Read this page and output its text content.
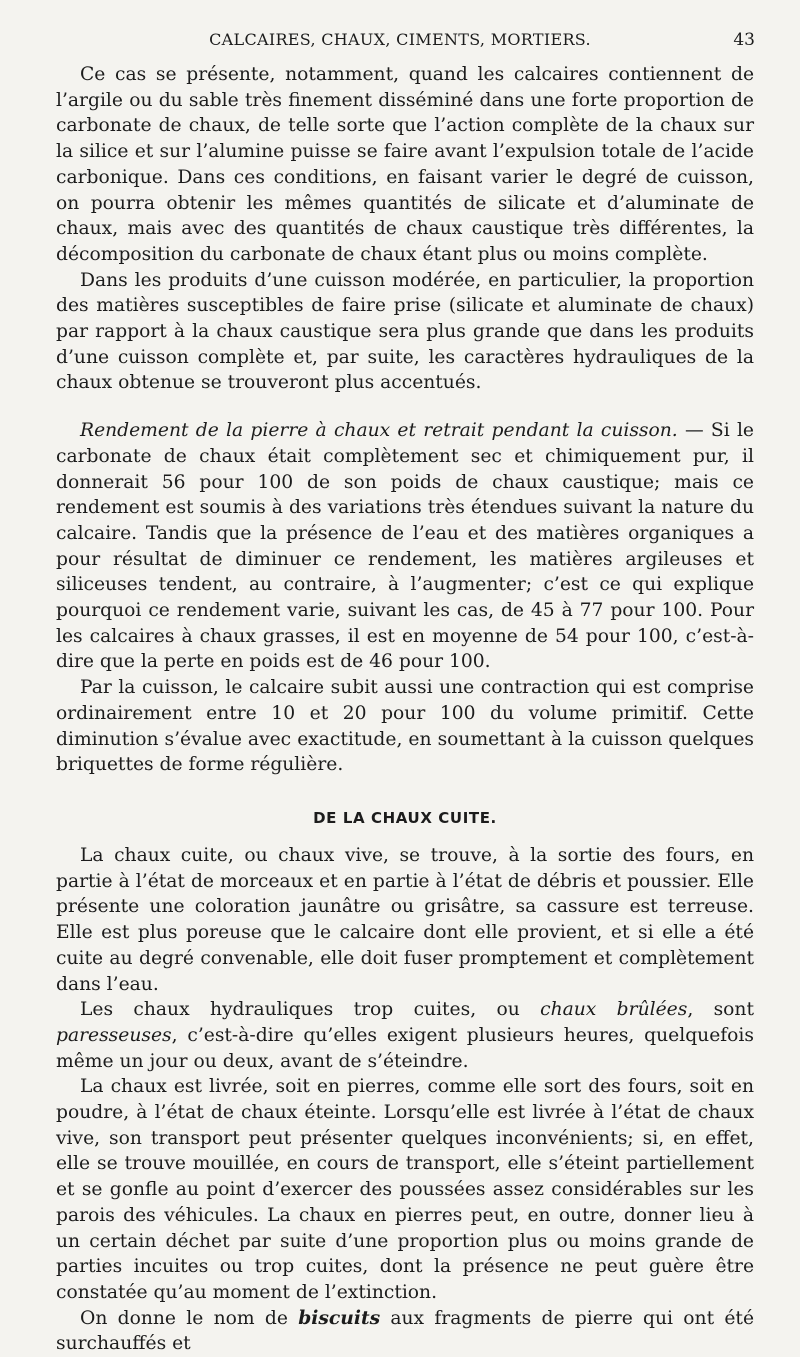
CALCAIRES, CHAUX, CIMENTS, MORTIERS.	43

Ce cas se présente, notamment, quand les calcaires contiennent de l’argile ou du sable très finement disséminé dans une forte proportion de carbonate de chaux, de telle sorte que l’action complète de la chaux sur la silice et sur l’alumine puisse se faire avant l’expulsion totale de l’acide carbonique. Dans ces conditions, en faisant varier le degré de cuisson, on pourra obtenir les mêmes quantités de silicate et d’aluminate de chaux, mais avec des quantités de chaux caustique très différentes, la décomposition du carbonate de chaux étant plus ou moins complète.

Dans les produits d’une cuisson modérée, en particulier, la proportion des matières susceptibles de faire prise (silicate et aluminate de chaux) par rapport à la chaux caustique sera plus grande que dans les produits d’une cuisson complète et, par suite, les caractères hydrauliques de la chaux obtenue se trouveront plus accentués.

Rendement de la pierre à chaux et retrait pendant la cuisson. — Si le carbonate de chaux était complètement sec et chimiquement pur, il donnerait 56 pour 100 de son poids de chaux caustique; mais ce rendement est soumis à des variations très étendues suivant la nature du calcaire. Tandis que la présence de l’eau et des matières organiques a pour résultat de diminuer ce rendement, les matières argileuses et siliceuses tendent, au contraire, à l’augmenter; c’est ce qui explique pourquoi ce rendement varie, suivant les cas, de 45 à 77 pour 100. Pour les calcaires à chaux grasses, il est en moyenne de 54 pour 100, c’est-à-dire que la perte en poids est de 46 pour 100.

Par la cuisson, le calcaire subit aussi une contraction qui est comprise ordinairement entre 10 et 20 pour 100 du volume primitif. Cette diminution s’évalue avec exactitude, en soumettant à la cuisson quelques briquettes de forme régulière.

DE LA CHAUX CUITE.

La chaux cuite, ou chaux vive, se trouve, à la sortie des fours, en partie à l’état de morceaux et en partie à l’état de débris et poussier. Elle présente une coloration jaunâtre ou grisâtre, sa cassure est terreuse. Elle est plus poreuse que le calcaire dont elle provient, et si elle a été cuite au degré convenable, elle doit fuser promptement et complètement dans l’eau.

Les chaux hydrauliques trop cuites, ou chaux brûlées, sont paresseuses, c’est-à-dire qu’elles exigent plusieurs heures, quelquefois même un jour ou deux, avant de s’éteindre.

La chaux est livrée, soit en pierres, comme elle sort des fours, soit en poudre, à l’état de chaux éteinte. Lorsqu’elle est livrée à l’état de chaux vive, son transport peut présenter quelques inconvénients; si, en effet, elle se trouve mouillée, en cours de transport, elle s’éteint partiellement et se gonfle au point d’exercer des poussées assez considérables sur les parois des véhicules. La chaux en pierres peut, en outre, donner lieu à un certain déchet par suite d’une proportion plus ou moins grande de parties incuites ou trop cuites, dont la présence ne peut guère être constatée qu’au moment de l’extinction.

On donne le nom de biscuits aux fragments de pierre qui ont été surchauffés et
